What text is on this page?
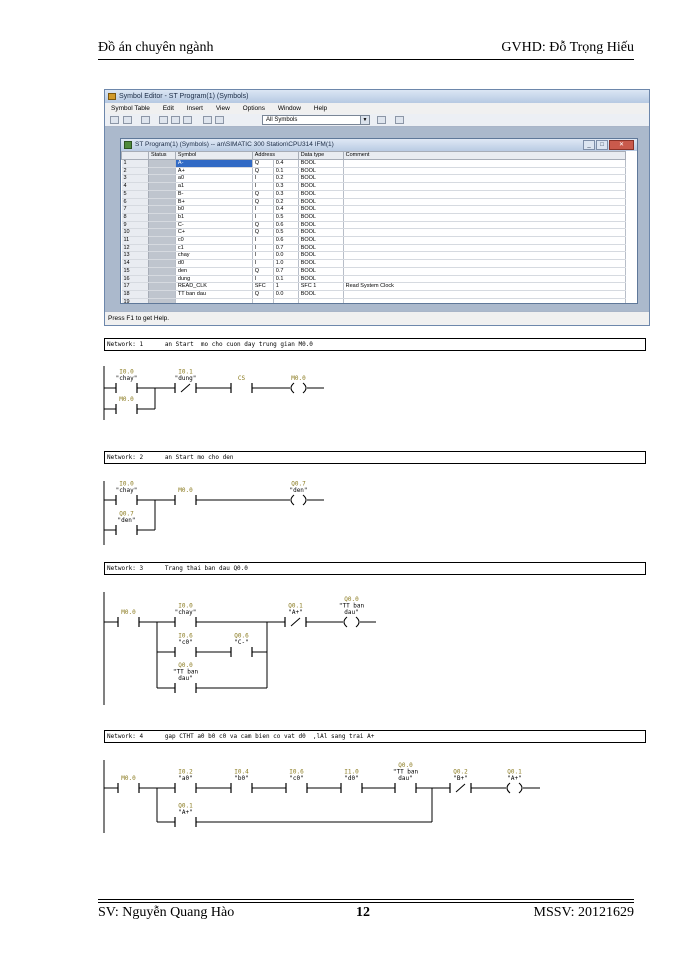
Đồ án chuyên ngành	GVHD: Đỗ Trọng Hiếu
Symbol Editor - ST Program(1) (Symbols)
Symbol Table Edit Insert View Options Window Help
All Symbols	▼
ST Program(1) (Symbols) -- an\SIMATIC 300 Station\CPU314 IFM(1)	_	□	✕
	Status	Symbol	Address		Data type	Comment
1		A-	Q	0.4	BOOL	
2		A+	Q	0.1	BOOL	
3		a0	I	0.2	BOOL	
4		a1	I	0.3	BOOL	
5		B-	Q	0.3	BOOL	
6		B+	Q	0.2	BOOL	
7		b0	I	0.4	BOOL	
8		b1	I	0.5	BOOL	
9		C-	Q	0.6	BOOL	
10		C+	Q	0.5	BOOL	
11		c0	I	0.6	BOOL	
12		c1	I	0.7	BOOL	
13		chay	I	0.0	BOOL	
14		d0	I	1.0	BOOL	
15		den	Q	0.7	BOOL	
16		dung	I	0.1	BOOL	
17		READ_CLK	SFC	1	SFC 1	Read System Clock
18		TT ban dau	Q	0.0	BOOL	
19						
Press F1 to get Help.
Network: 1	an Start  mo cho cuon day trung gian M0.0
Network: 2	an Start mo cho den
Network: 3	Trang thai ban dau Q0.0
Network: 4	gap CTHT a0 b0 c0 va cam bien co vat d0  ,lAl sang trai A+
I0.0
"chay"
I0.1
"dung"	CS	M0.0
M0.0
I0.0
"chay"	M0.0
Q0.7
"den"
Q0.7
"den"
M0.0
I0.0
"chay"
Q0.1
"A+"
Q0.0
"TT ban
dau"
I0.6
"c0"
Q0.6
"C-"
Q0.0
"TT ban
dau"
M0.0
I0.2
"a0"
I0.4
"b0"
I0.6
"c0"
I1.0
"d0"
Q0.0
"TT ban
dau"
Q0.2
"B+"
Q0.1
"A+"
Q0.1
"A+"
SV: Nguyễn Quang Hào	12	MSSV: 20121629
